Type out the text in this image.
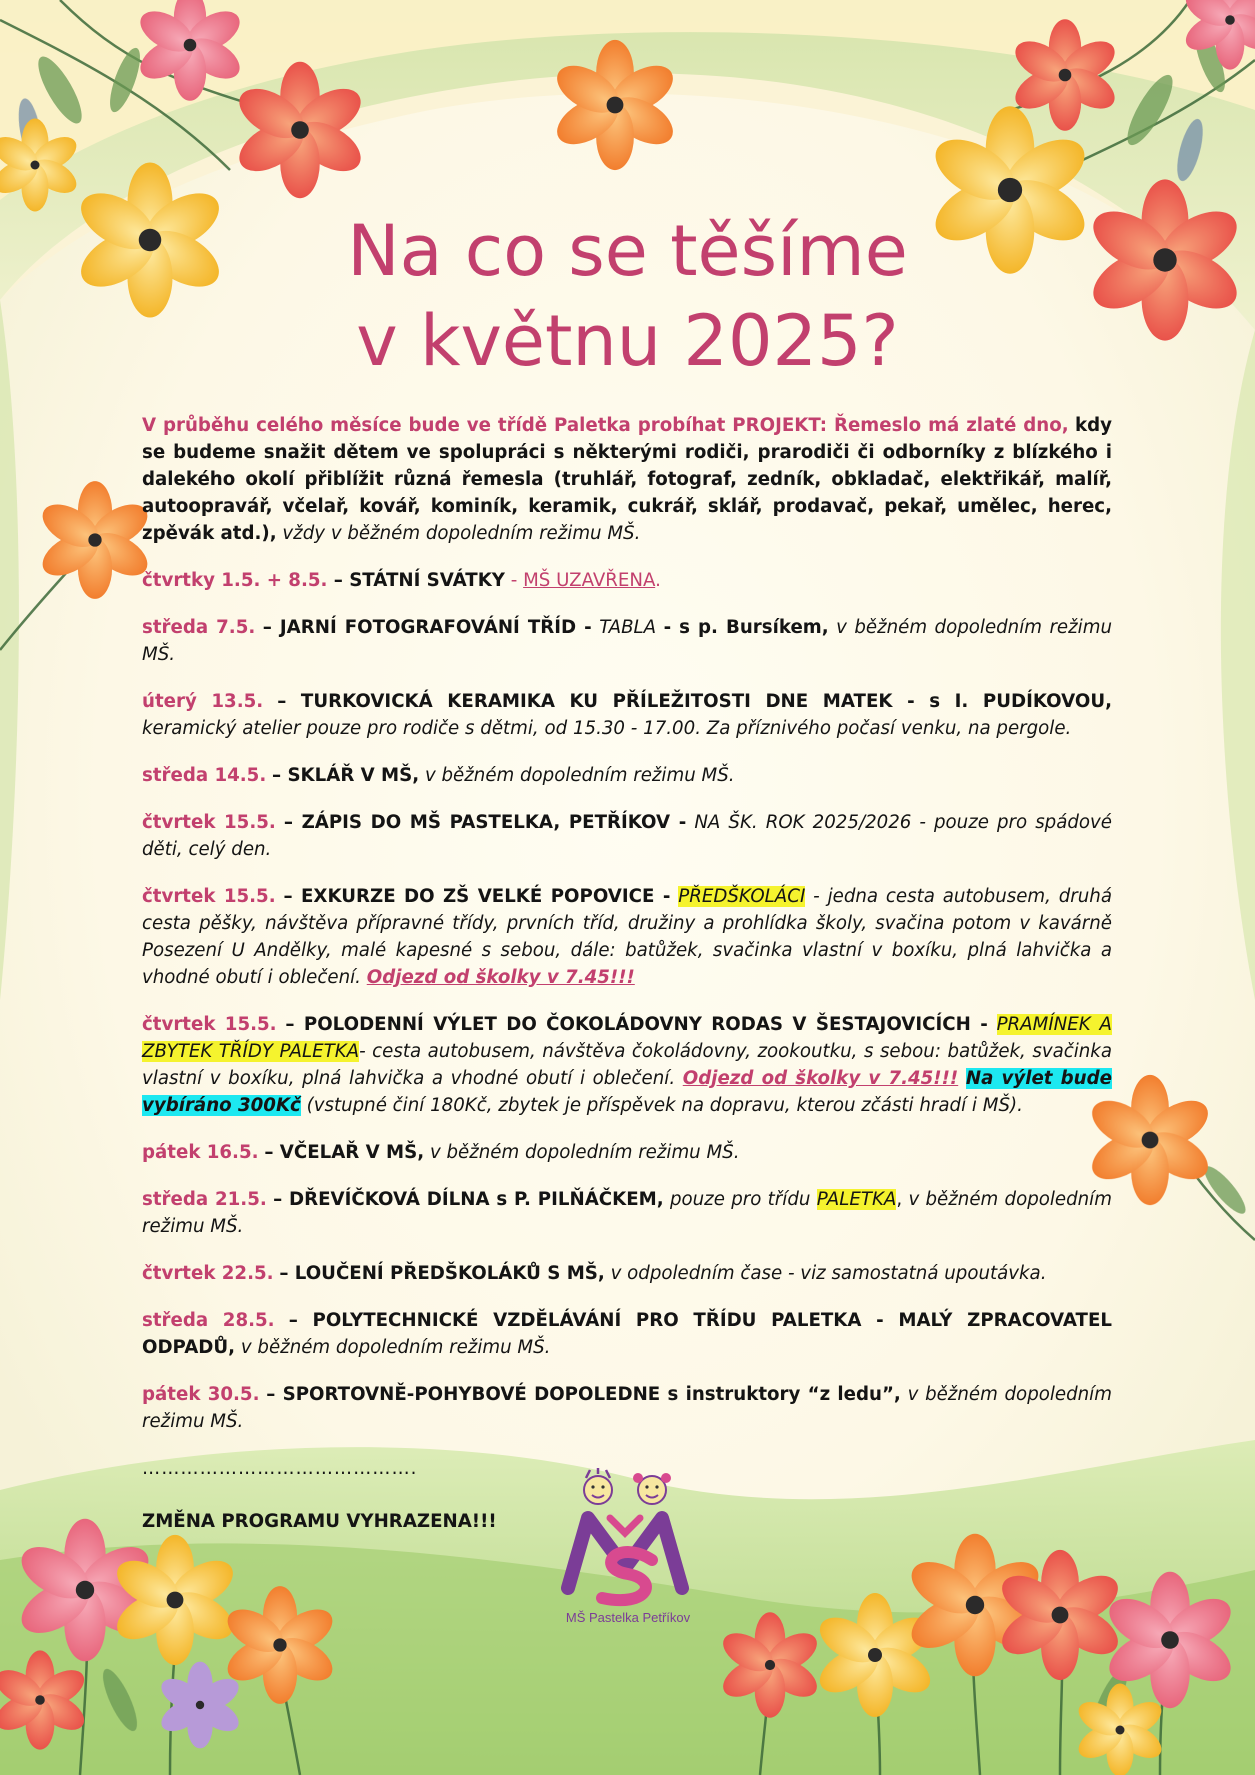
Na co se těšíme
v květnu 2025?

V průběhu celého měsíce bude ve třídě Paletka probíhat PROJEKT: Řemeslo má zlaté dno, kdy se budeme snažit dětem ve spolupráci s některými rodiči, prarodiči či odborníky z blízkého i dalekého okolí přiblížit různá řemesla (truhlář, fotograf, zedník, obkladač, elektřikář, malíř, autoopravář, včelař, kovář, kominík, keramik, cukrář, sklář, prodavač, pekař, umělec, herec, zpěvák atd.), vždy v běžném dopoledním režimu MŠ.

čtvrtky 1.5. + 8.5. – STÁTNÍ SVÁTKY - MŠ UZAVŘENA.

středa 7.5. – JARNÍ FOTOGRAFOVÁNÍ TŘÍD - TABLA - s p. Bursíkem, v běžném dopoledním režimu MŠ.

úterý 13.5. – TURKOVICKÁ KERAMIKA KU PŘÍLEŽITOSTI DNE MATEK - s I. PUDÍKOVOU, keramický atelier pouze pro rodiče s dětmi, od 15.30 - 17.00. Za příznivého počasí venku, na pergole.

středa 14.5. – SKLÁŘ V MŠ, v běžném dopoledním režimu MŠ.

čtvrtek 15.5. – ZÁPIS DO MŠ PASTELKA, PETŘÍKOV - NA ŠK. ROK 2025/2026 - pouze pro spádové děti, celý den.

čtvrtek 15.5. – EXKURZE DO ZŠ VELKÉ POPOVICE - PŘEDŠKOLÁCI - jedna cesta autobusem, druhá cesta pěšky, návštěva přípravné třídy, prvních tříd, družiny a prohlídka školy, svačina potom v kavárně Posezení U Andělky, malé kapesné s sebou, dále: batůžek, svačinka vlastní v boxíku, plná lahvička a vhodné obutí i oblečení. Odjezd od školky v 7.45!!!

čtvrtek 15.5. – POLODENNÍ VÝLET DO ČOKOLÁDOVNY RODAS V ŠESTAJOVICÍCH - PRAMÍNEK A ZBYTEK TŘÍDY PALETKA- cesta autobusem, návštěva čokoládovny, zookoutku, s sebou: batůžek, svačinka vlastní v boxíku, plná lahvička a vhodné obutí i oblečení. Odjezd od školky v 7.45!!! Na výlet bude vybíráno 300Kč (vstupné činí 180Kč, zbytek je příspěvek na dopravu, kterou zčásti hradí i MŠ).

pátek 16.5. – VČELAŘ V MŠ, v běžném dopoledním režimu MŠ.

středa 21.5. – DŘEVÍČKOVÁ DÍLNA s P. PILŇÁČKEM, pouze pro třídu PALETKA, v běžném dopoledním režimu MŠ.

čtvrtek 22.5. – LOUČENÍ PŘEDŠKOLÁKŮ S MŠ, v odpoledním čase - viz samostatná upoutávka.

středa 28.5. – POLYTECHNICKÉ VZDĚLÁVÁNÍ PRO TŘÍDU PALETKA - MALÝ ZPRACOVATEL ODPADŮ, v běžném dopoledním režimu MŠ.

pátek 30.5. – SPORTOVNĚ-POHYBOVÉ DOPOLEDNE s instruktory “z ledu”, v běžném dopoledním režimu MŠ.

…………………………………….

ZMĚNA PROGRAMU VYHRAZENA!!!

MŠ Pastelka Petříkov
